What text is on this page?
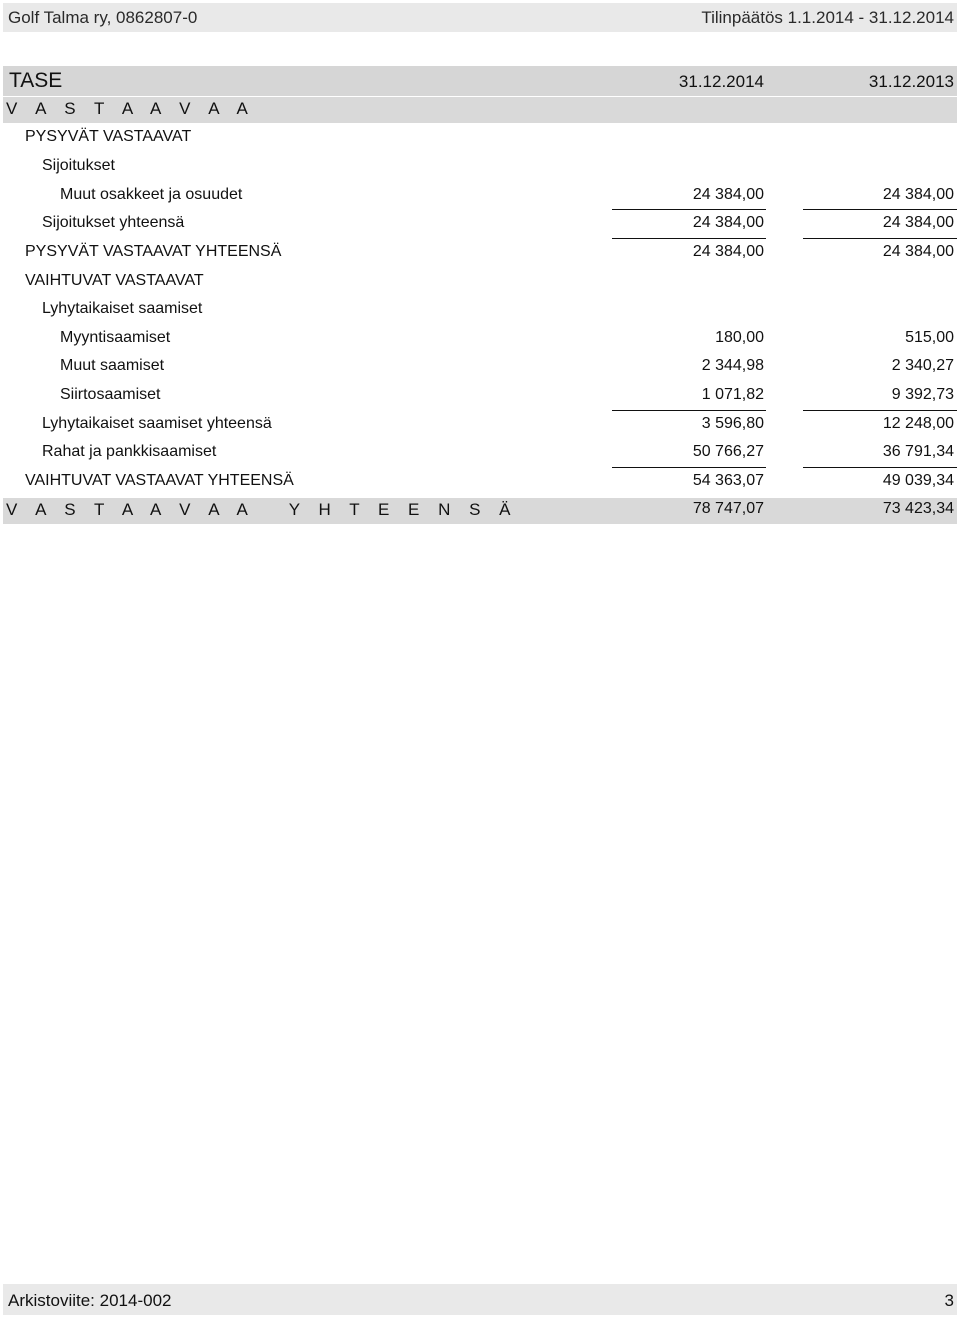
Golf Talma ry, 0862807-0	Tilinpäätös 1.1.2014 - 31.12.2014
TASE	31.12.2014	31.12.2013
V A S T A A V A A
PYSYVÄT VASTAAVAT
Sijoitukset
Muut osakkeet ja osuudet	24 384,00	24 384,00
Sijoitukset yhteensä	24 384,00	24 384,00
PYSYVÄT VASTAAVAT YHTEENSÄ	24 384,00	24 384,00
VAIHTUVAT VASTAAVAT
Lyhytaikaiset saamiset
Myyntisaamiset	180,00	515,00
Muut saamiset	2 344,98	2 340,27
Siirtosaamiset	1 071,82	9 392,73
Lyhytaikaiset saamiset yhteensä	3 596,80	12 248,00
Rahat ja pankkisaamiset	50 766,27	36 791,34
VAIHTUVAT VASTAAVAT YHTEENSÄ	54 363,07	49 039,34
V A S T A A V A A   Y H T E E N S Ä	78 747,07	73 423,34
Arkistoviite: 2014-002	3
